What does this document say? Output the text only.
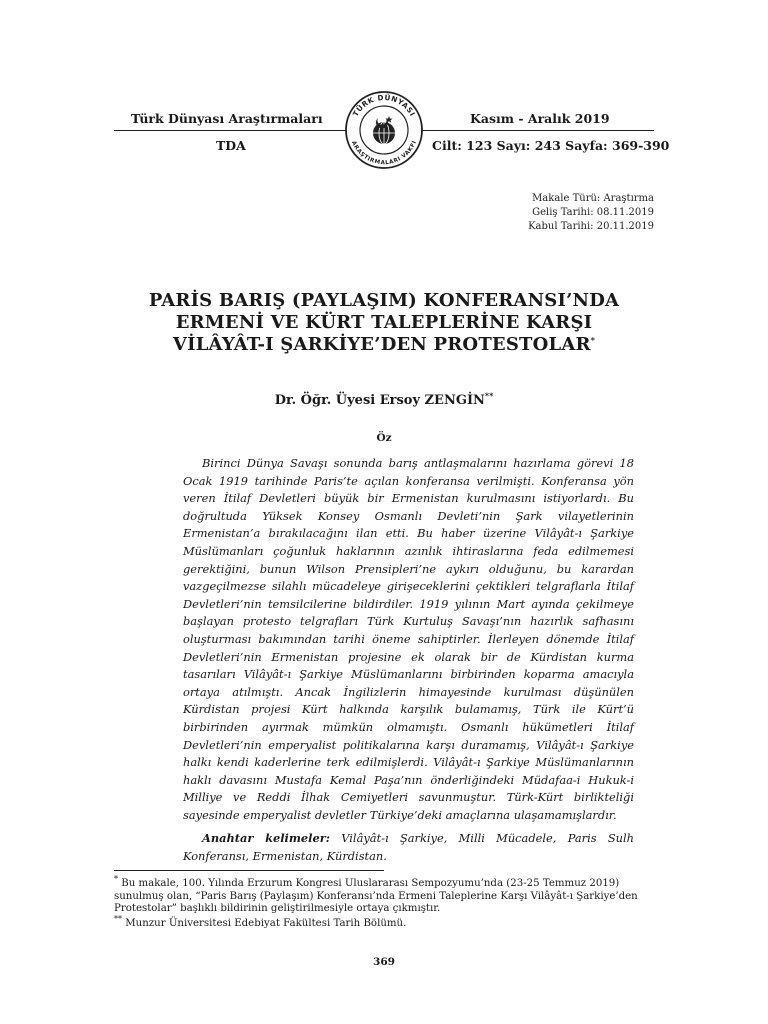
Türk Dünyası Araştırmaları	Kasım - Aralık 2019
TDA	Cilt: 123 Sayı: 243 Sayfa: 369-390
TÜRK DÜNYASI
ARAŞTIRMALARI VAKFI
Makale Türü: Araştırma
Geliş Tarihi: 08.11.2019
Kabul Tarihi: 20.11.2019
PARİS BARIŞ (PAYLAŞIM) KONFERANSI’NDA
ERMENİ VE KÜRT TALEPLERİNE KARŞI
VİLÂYÂT-I ŞARKİYE’DEN PROTESTOLAR*
Dr. Öğr. Üyesi Ersoy ZENGİN**
Öz

Birinci Dünya Savaşı sonunda barış antlaşmalarını hazırlama görevi 18 Ocak 1919 tarihinde Paris’te açılan konferansa verilmişti. Konferansa yön veren İtilaf Devletleri büyük bir Ermenistan kurulmasını istiyorlardı. Bu doğrultuda Yüksek Konsey Osmanlı Devleti’nin Şark vilayetlerinin Ermenistan’a bırakılacağını ilan etti. Bu haber üzerine Vilâyât-ı Şarkiye Müslümanları çoğunluk haklarının azınlık ihtiraslarına feda edilmemesi gerektiğini, bunun Wilson Prensipleri’ne aykırı olduğunu, bu karardan vazgeçilmezse silahlı mücadeleye girişeceklerini çektikleri telgraflarla İtilaf Devletleri’nin temsilcilerine bildirdiler. 1919 yılının Mart ayında çekilmeye başlayan protesto telgrafları Türk Kurtuluş Savaşı’nın hazırlık safhasını oluşturması bakımından tarihi öneme sahiptirler. İlerleyen dönemde İtilaf Devletleri’nin Ermenistan projesine ek olarak bir de Kürdistan kurma tasarıları Vilâyât-ı Şarkiye Müslümanlarını birbirinden koparma amacıyla ortaya atılmıştı. Ancak İngilizlerin himayesinde kurulması düşünülen Kürdistan projesi Kürt halkında karşılık bulamamış, Türk ile Kürt’ü birbirinden ayırmak mümkün olmamıştı. Osmanlı hükümetleri İtilaf Devletleri’nin emperyalist politikalarına karşı duramamış, Vilâyât-ı Şarkiye halkı kendi kaderlerine terk edilmişlerdi. Vilâyât-ı Şarkiye Müslümanlarının haklı davasını Mustafa Kemal Paşa’nın önderliğindeki Müdafaa-i Hukuk-i Milliye ve Reddi İlhak Cemiyetleri savunmuştur. Türk-Kürt birlikteliği sayesinde emperyalist devletler Türkiye’deki amaçlarına ulaşamamışlardır.

Anahtar kelimeler: Vilâyât-ı Şarkiye, Milli Mücadele, Paris Sulh Konferansı, Ermenistan, Kürdistan.

* Bu makale, 100. Yılında Erzurum Kongresi Uluslararası Sempozyumu’nda (23-25 Temmuz 2019) sunulmuş olan, “Paris Barış (Paylaşım) Konferansı’nda Ermeni Taleplerine Karşı Vilâyât-ı Şarkiye’den Protestolar” başlıklı bildirinin geliştirilmesiyle ortaya çıkmıştır.
** Munzur Üniversitesi Edebiyat Fakültesi Tarih Bölümü.
369
